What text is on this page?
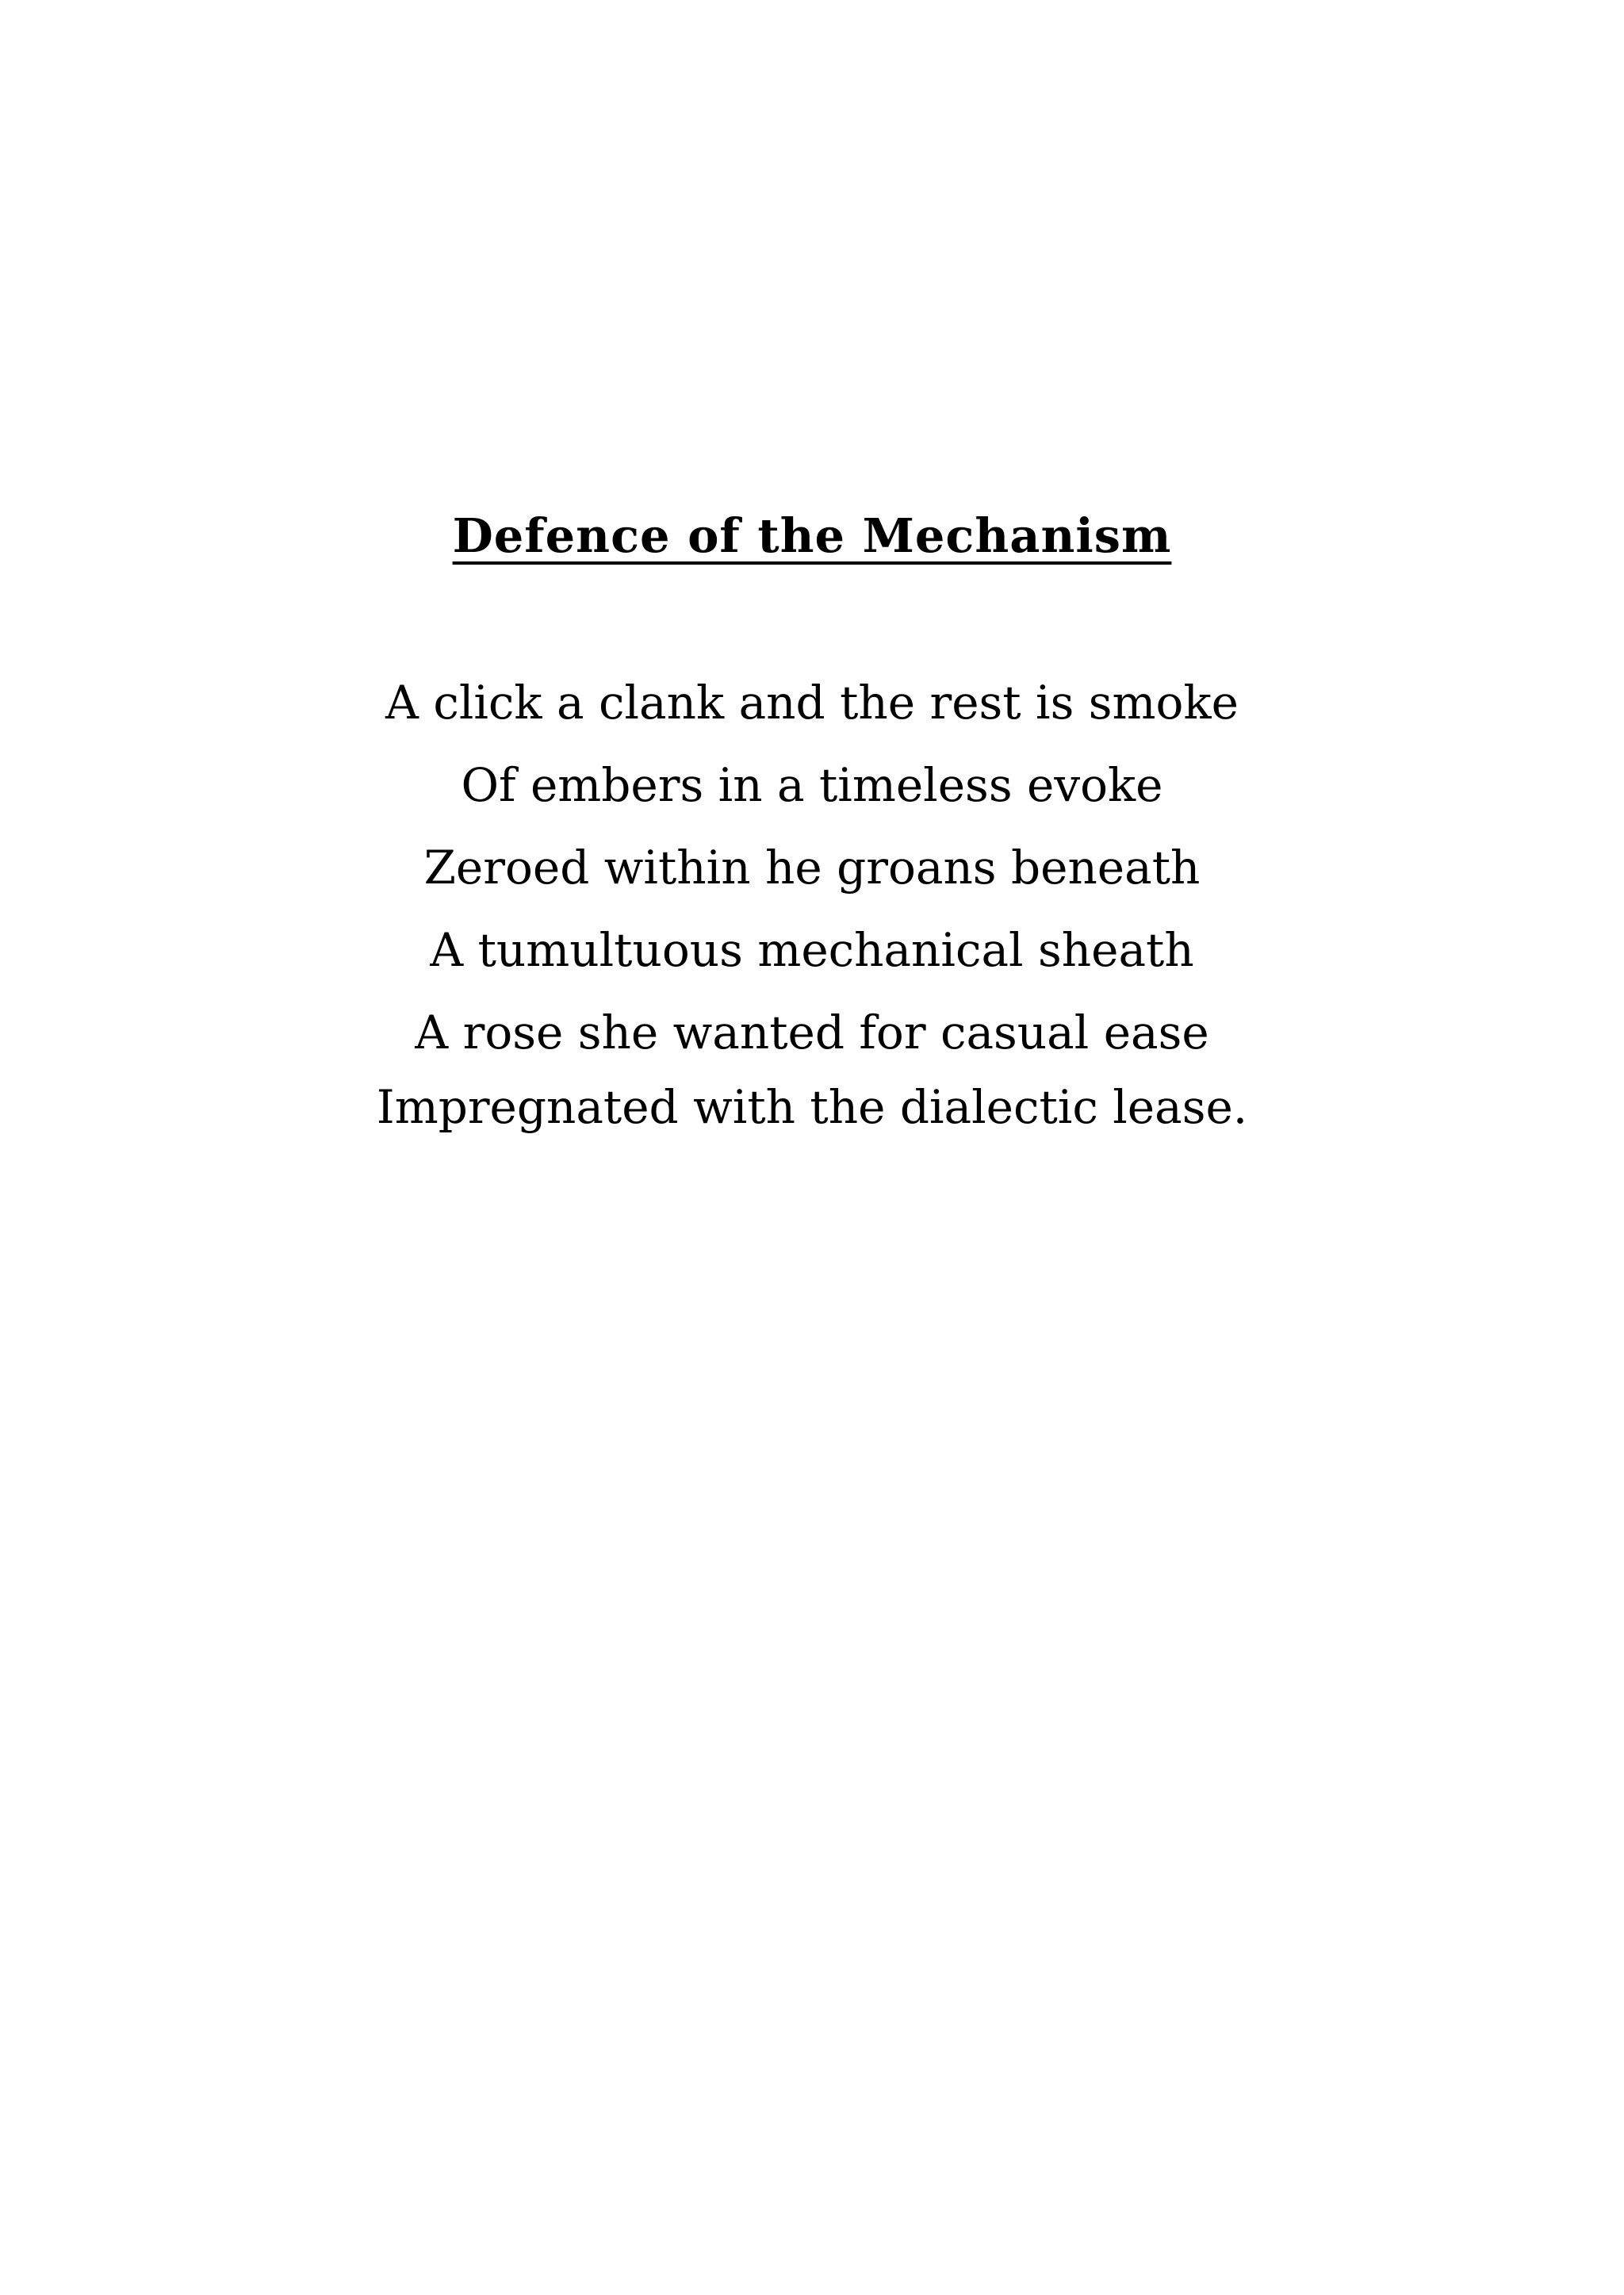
Defence of the Mechanism
A click a clank and the rest is smoke
Of embers in a timeless evoke
Zeroed within he groans beneath
A tumultuous mechanical sheath
A rose she wanted for casual ease
Impregnated with the dialectic lease.
